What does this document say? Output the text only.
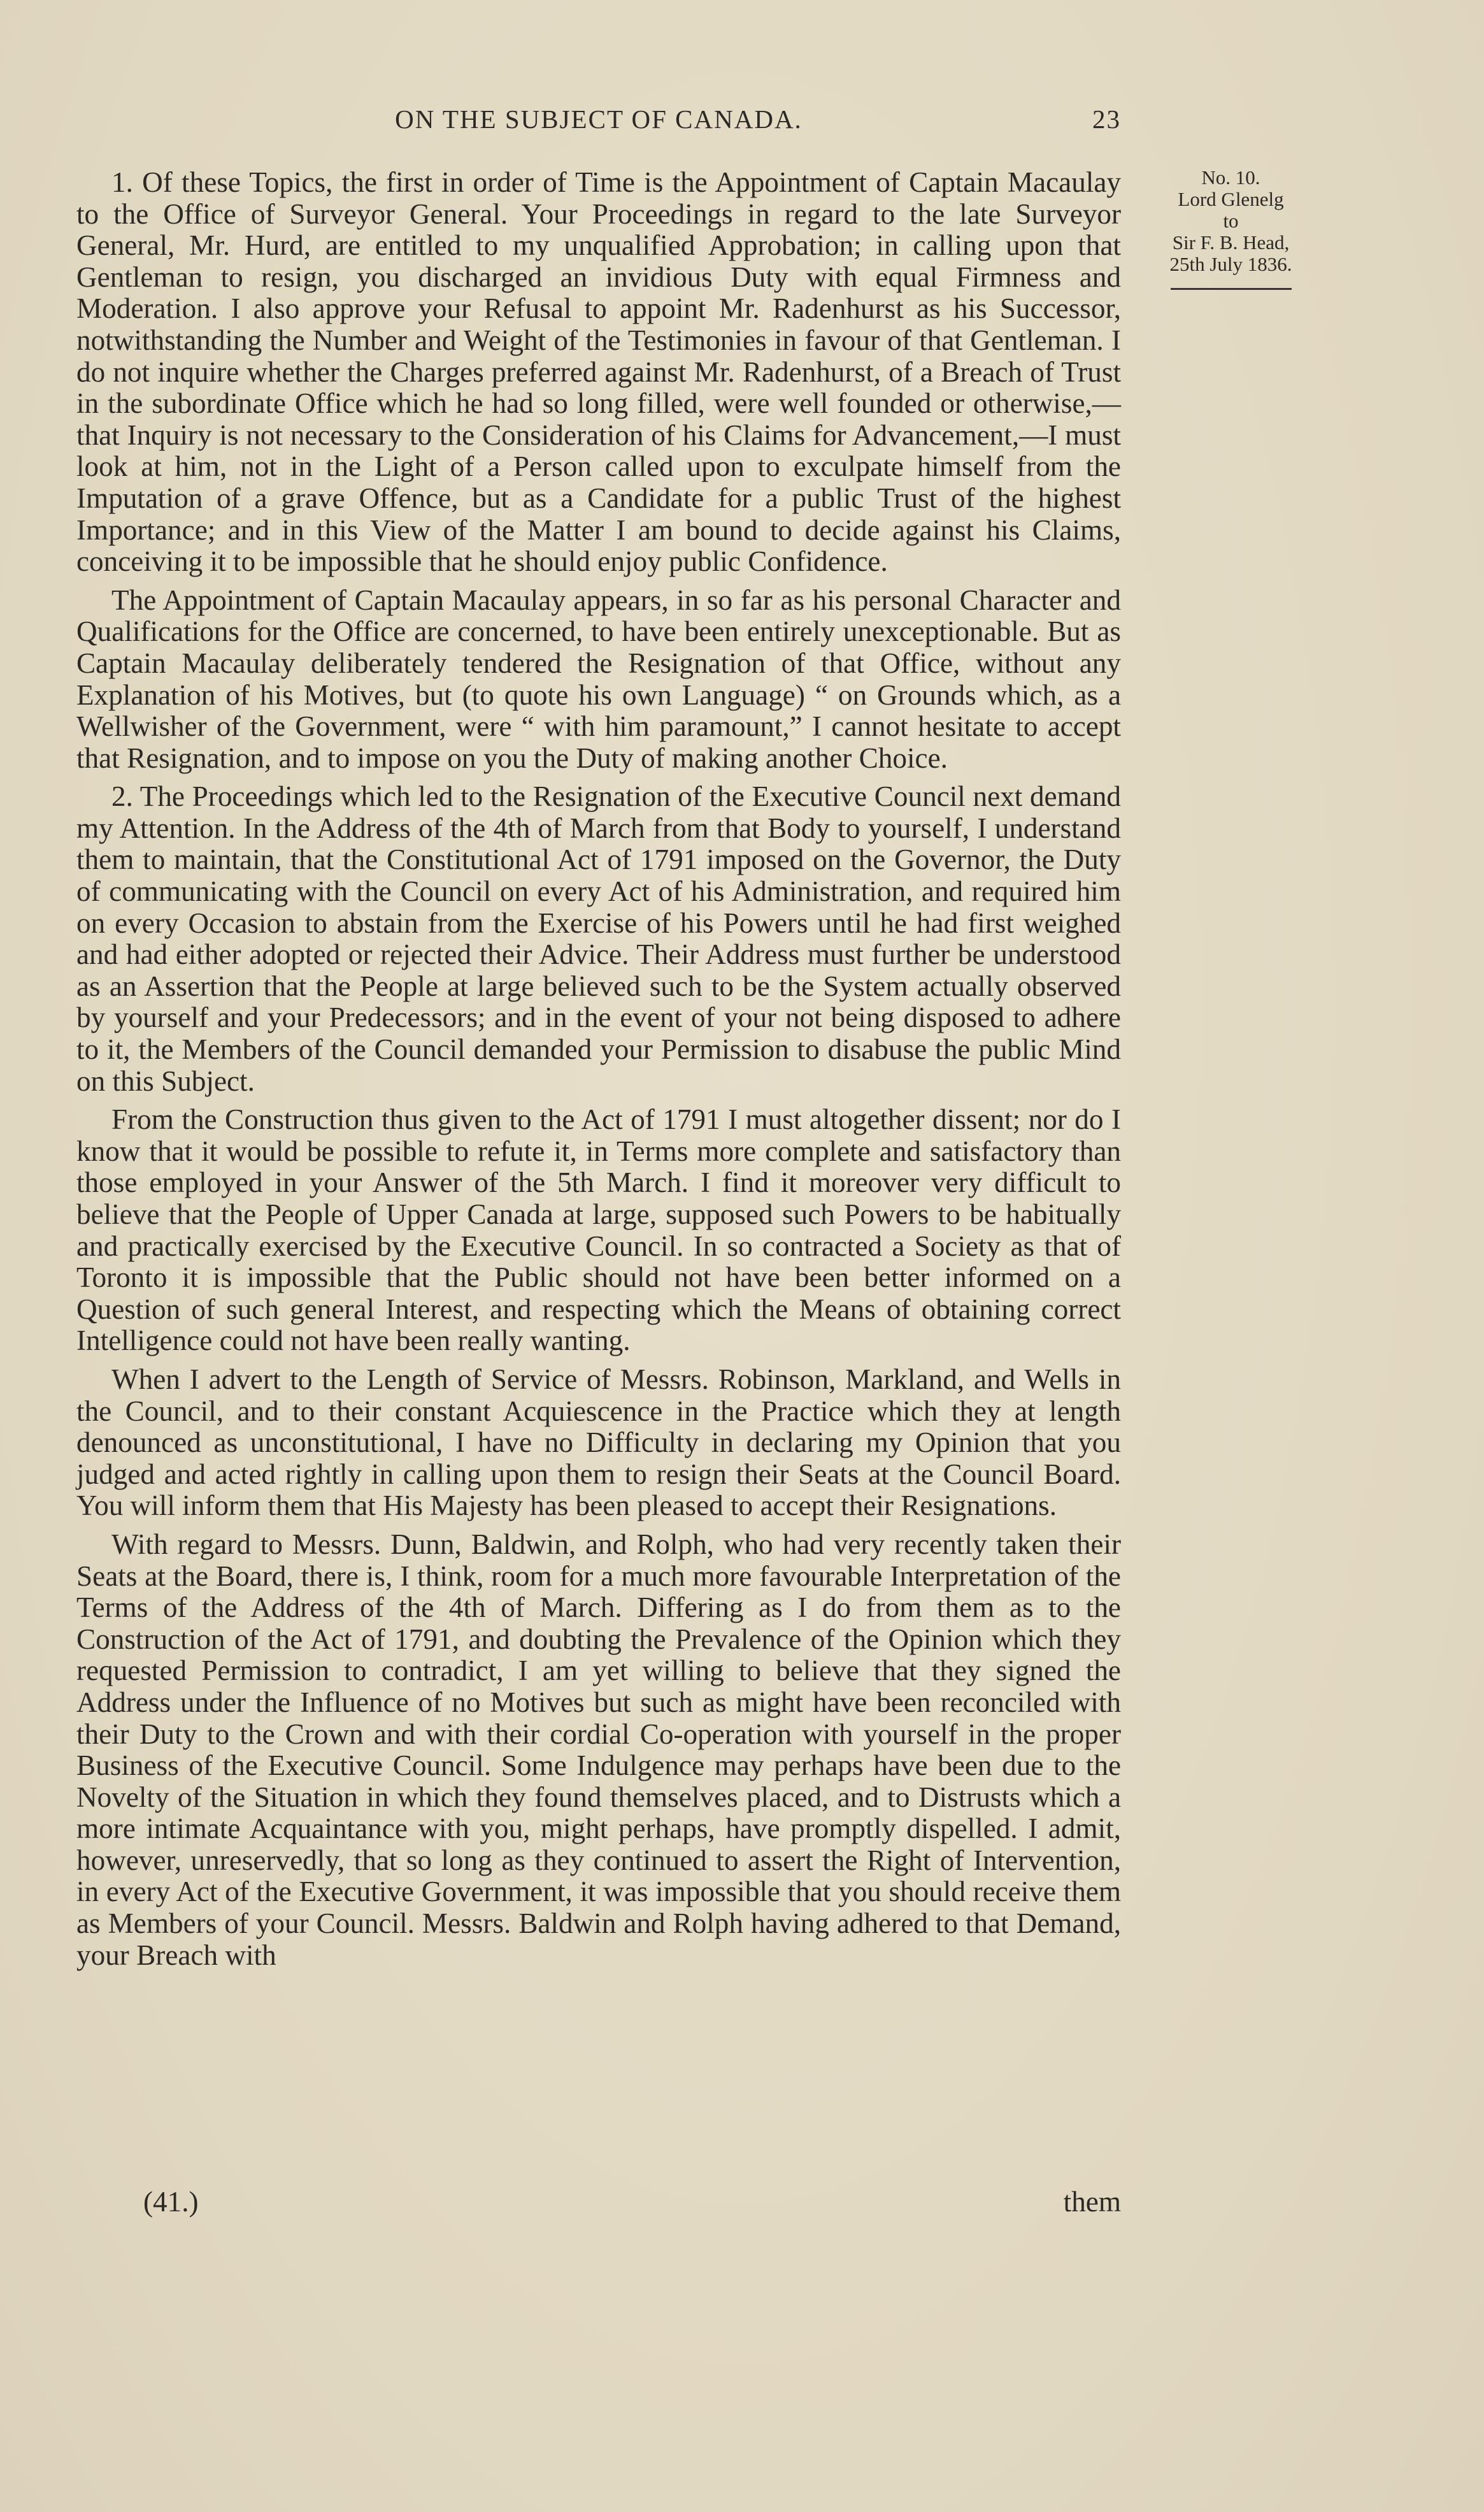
ON THE SUBJECT OF CANADA.	23

1. Of these Topics, the first in order of Time is the Appointment of Captain Macaulay to the Office of Surveyor General. Your Proceedings in regard to the late Surveyor General, Mr. Hurd, are entitled to my unqualified Approbation; in calling upon that Gentleman to resign, you discharged an invidious Duty with equal Firmness and Moderation. I also approve your Refusal to appoint Mr. Radenhurst as his Successor, notwithstanding the Number and Weight of the Testimonies in favour of that Gentleman. I do not inquire whether the Charges preferred against Mr. Radenhurst, of a Breach of Trust in the subordinate Office which he had so long filled, were well founded or otherwise,—that Inquiry is not necessary to the Consideration of his Claims for Advancement,—I must look at him, not in the Light of a Person called upon to exculpate himself from the Imputation of a grave Offence, but as a Candidate for a public Trust of the highest Importance; and in this View of the Matter I am bound to decide against his Claims, conceiving it to be impossible that he should enjoy public Confidence.

The Appointment of Captain Macaulay appears, in so far as his personal Character and Qualifications for the Office are concerned, to have been entirely unexceptionable. But as Captain Macaulay deliberately tendered the Resignation of that Office, without any Explanation of his Motives, but (to quote his own Language) “ on Grounds which, as a Wellwisher of the Government, were “ with him paramount,” I cannot hesitate to accept that Resignation, and to impose on you the Duty of making another Choice.

2. The Proceedings which led to the Resignation of the Executive Council next demand my Attention. In the Address of the 4th of March from that Body to yourself, I understand them to maintain, that the Constitutional Act of 1791 imposed on the Governor, the Duty of communicating with the Council on every Act of his Administration, and required him on every Occasion to abstain from the Exercise of his Powers until he had first weighed and had either adopted or rejected their Advice. Their Address must further be understood as an Assertion that the People at large believed such to be the System actually observed by yourself and your Predecessors; and in the event of your not being disposed to adhere to it, the Members of the Council demanded your Permission to disabuse the public Mind on this Subject.

From the Construction thus given to the Act of 1791 I must altogether dissent; nor do I know that it would be possible to refute it, in Terms more complete and satisfactory than those employed in your Answer of the 5th March. I find it moreover very difficult to believe that the People of Upper Canada at large, supposed such Powers to be habitually and practically exercised by the Executive Council. In so contracted a Society as that of Toronto it is impossible that the Public should not have been better informed on a Question of such general Interest, and respecting which the Means of obtaining correct Intelligence could not have been really wanting.

When I advert to the Length of Service of Messrs. Robinson, Markland, and Wells in the Council, and to their constant Acquiescence in the Practice which they at length denounced as unconstitutional, I have no Difficulty in declaring my Opinion that you judged and acted rightly in calling upon them to resign their Seats at the Council Board. You will inform them that His Majesty has been pleased to accept their Resignations.

With regard to Messrs. Dunn, Baldwin, and Rolph, who had very recently taken their Seats at the Board, there is, I think, room for a much more favourable Interpretation of the Terms of the Address of the 4th of March. Differing as I do from them as to the Construction of the Act of 1791, and doubting the Prevalence of the Opinion which they requested Permission to contradict, I am yet willing to believe that they signed the Address under the Influence of no Motives but such as might have been reconciled with their Duty to the Crown and with their cordial Co-operation with yourself in the proper Business of the Executive Council. Some Indulgence may perhaps have been due to the Novelty of the Situation in which they found themselves placed, and to Distrusts which a more intimate Acquaintance with you, might perhaps, have promptly dispelled. I admit, however, unreservedly, that so long as they continued to assert the Right of Intervention, in every Act of the Executive Government, it was impossible that you should receive them as Members of your Council. Messrs. Baldwin and Rolph having adhered to that Demand, your Breach with

No. 10.
Lord Glenelg
to
Sir F. B. Head,
25th July 1836.
(41.)	them
